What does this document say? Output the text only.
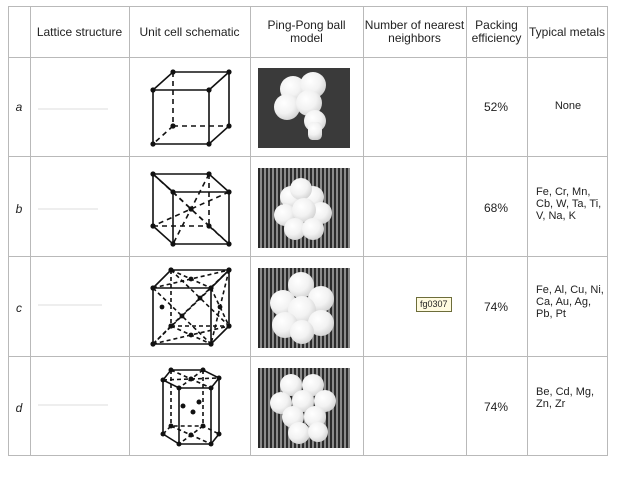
Lattice structure	Unit cell schematic	Ping-Pong ball model
Number of nearest neighbors
Packing efficiency Typical metals
a
b
c
d
52%
68%
74%
74%
None
Fe, Cr, Mn, Cb, W, Ta, Ti, V, Na, K
Fe, Al, Cu, Ni, Ca, Au, Ag, Pb, Pt
Be, Cd, Mg, Zn, Zr
fg0307
